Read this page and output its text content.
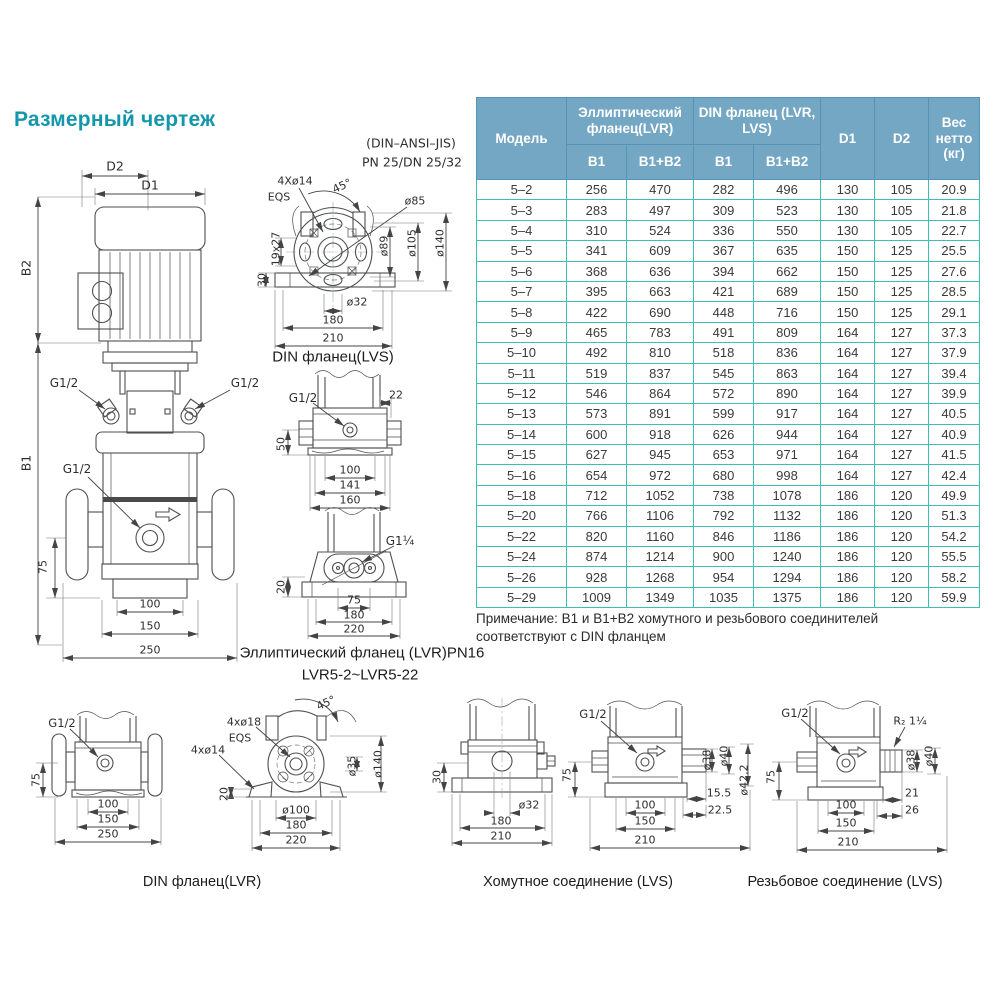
Размерный чертеж
D2
D1
B2
B1
G1/2	G1/2
G1/2
75
100
150
250
(DIN–ANSI–JIS)
PN 25/DN 25/32
4Xø14
EQS
45°
ø85
19x27
30
ø89 ø105 ø140
ø32
180
210
G1/2	22
50
100
141
160
G1¼
20
75
180
220
G1/2
75
100
150
250
45°
4xø18
EQS
4xø14
ø140
ø35
20
ø100
180
220
30
ø32
180
210
G1/2
75
ø38 ø40
ø42.2
15.5
22.5
100
150
210
G1/2
R₂ 1¼
75
ø38 ø40
21
26
100
150
210
DIN фланец(LVS)
Эллиптический фланец (LVR)PN16
LVR5-2~LVR5-22
DIN фланец(LVR)	Хомутное соединение (LVS)	Резьбовое соединение (LVS)
Модель	Эллиптический фланец(LVR)		DIN фланец (LVR, LVS)		D1	D2	Вес нетто (кг)
	B1	B1+B2	B1	B1+B2			
5–2	256	470	282	496	130	105	20.9
5–3	283	497	309	523	130	105	21.8
5–4	310	524	336	550	130	105	22.7
5–5	341	609	367	635	150	125	25.5
5–6	368	636	394	662	150	125	27.6
5–7	395	663	421	689	150	125	28.5
5–8	422	690	448	716	150	125	29.1
5–9	465	783	491	809	164	127	37.3
5–10	492	810	518	836	164	127	37.9
5–11	519	837	545	863	164	127	39.4
5–12	546	864	572	890	164	127	39.9
5–13	573	891	599	917	164	127	40.5
5–14	600	918	626	944	164	127	40.9
5–15	627	945	653	971	164	127	41.5
5–16	654	972	680	998	164	127	42.4
5–18	712	1052	738	1078	186	120	49.9
5–20	766	1106	792	1132	186	120	51.3
5–22	820	1160	846	1186	186	120	54.2
5–24	874	1214	900	1240	186	120	55.5
5–26	928	1268	954	1294	186	120	58.2
5–29	1009	1349	1035	1375	186	120	59.9
Примечание: B1 и B1+B2 хомутного и резьбового соединителей
соответствуют с DIN фланцем
